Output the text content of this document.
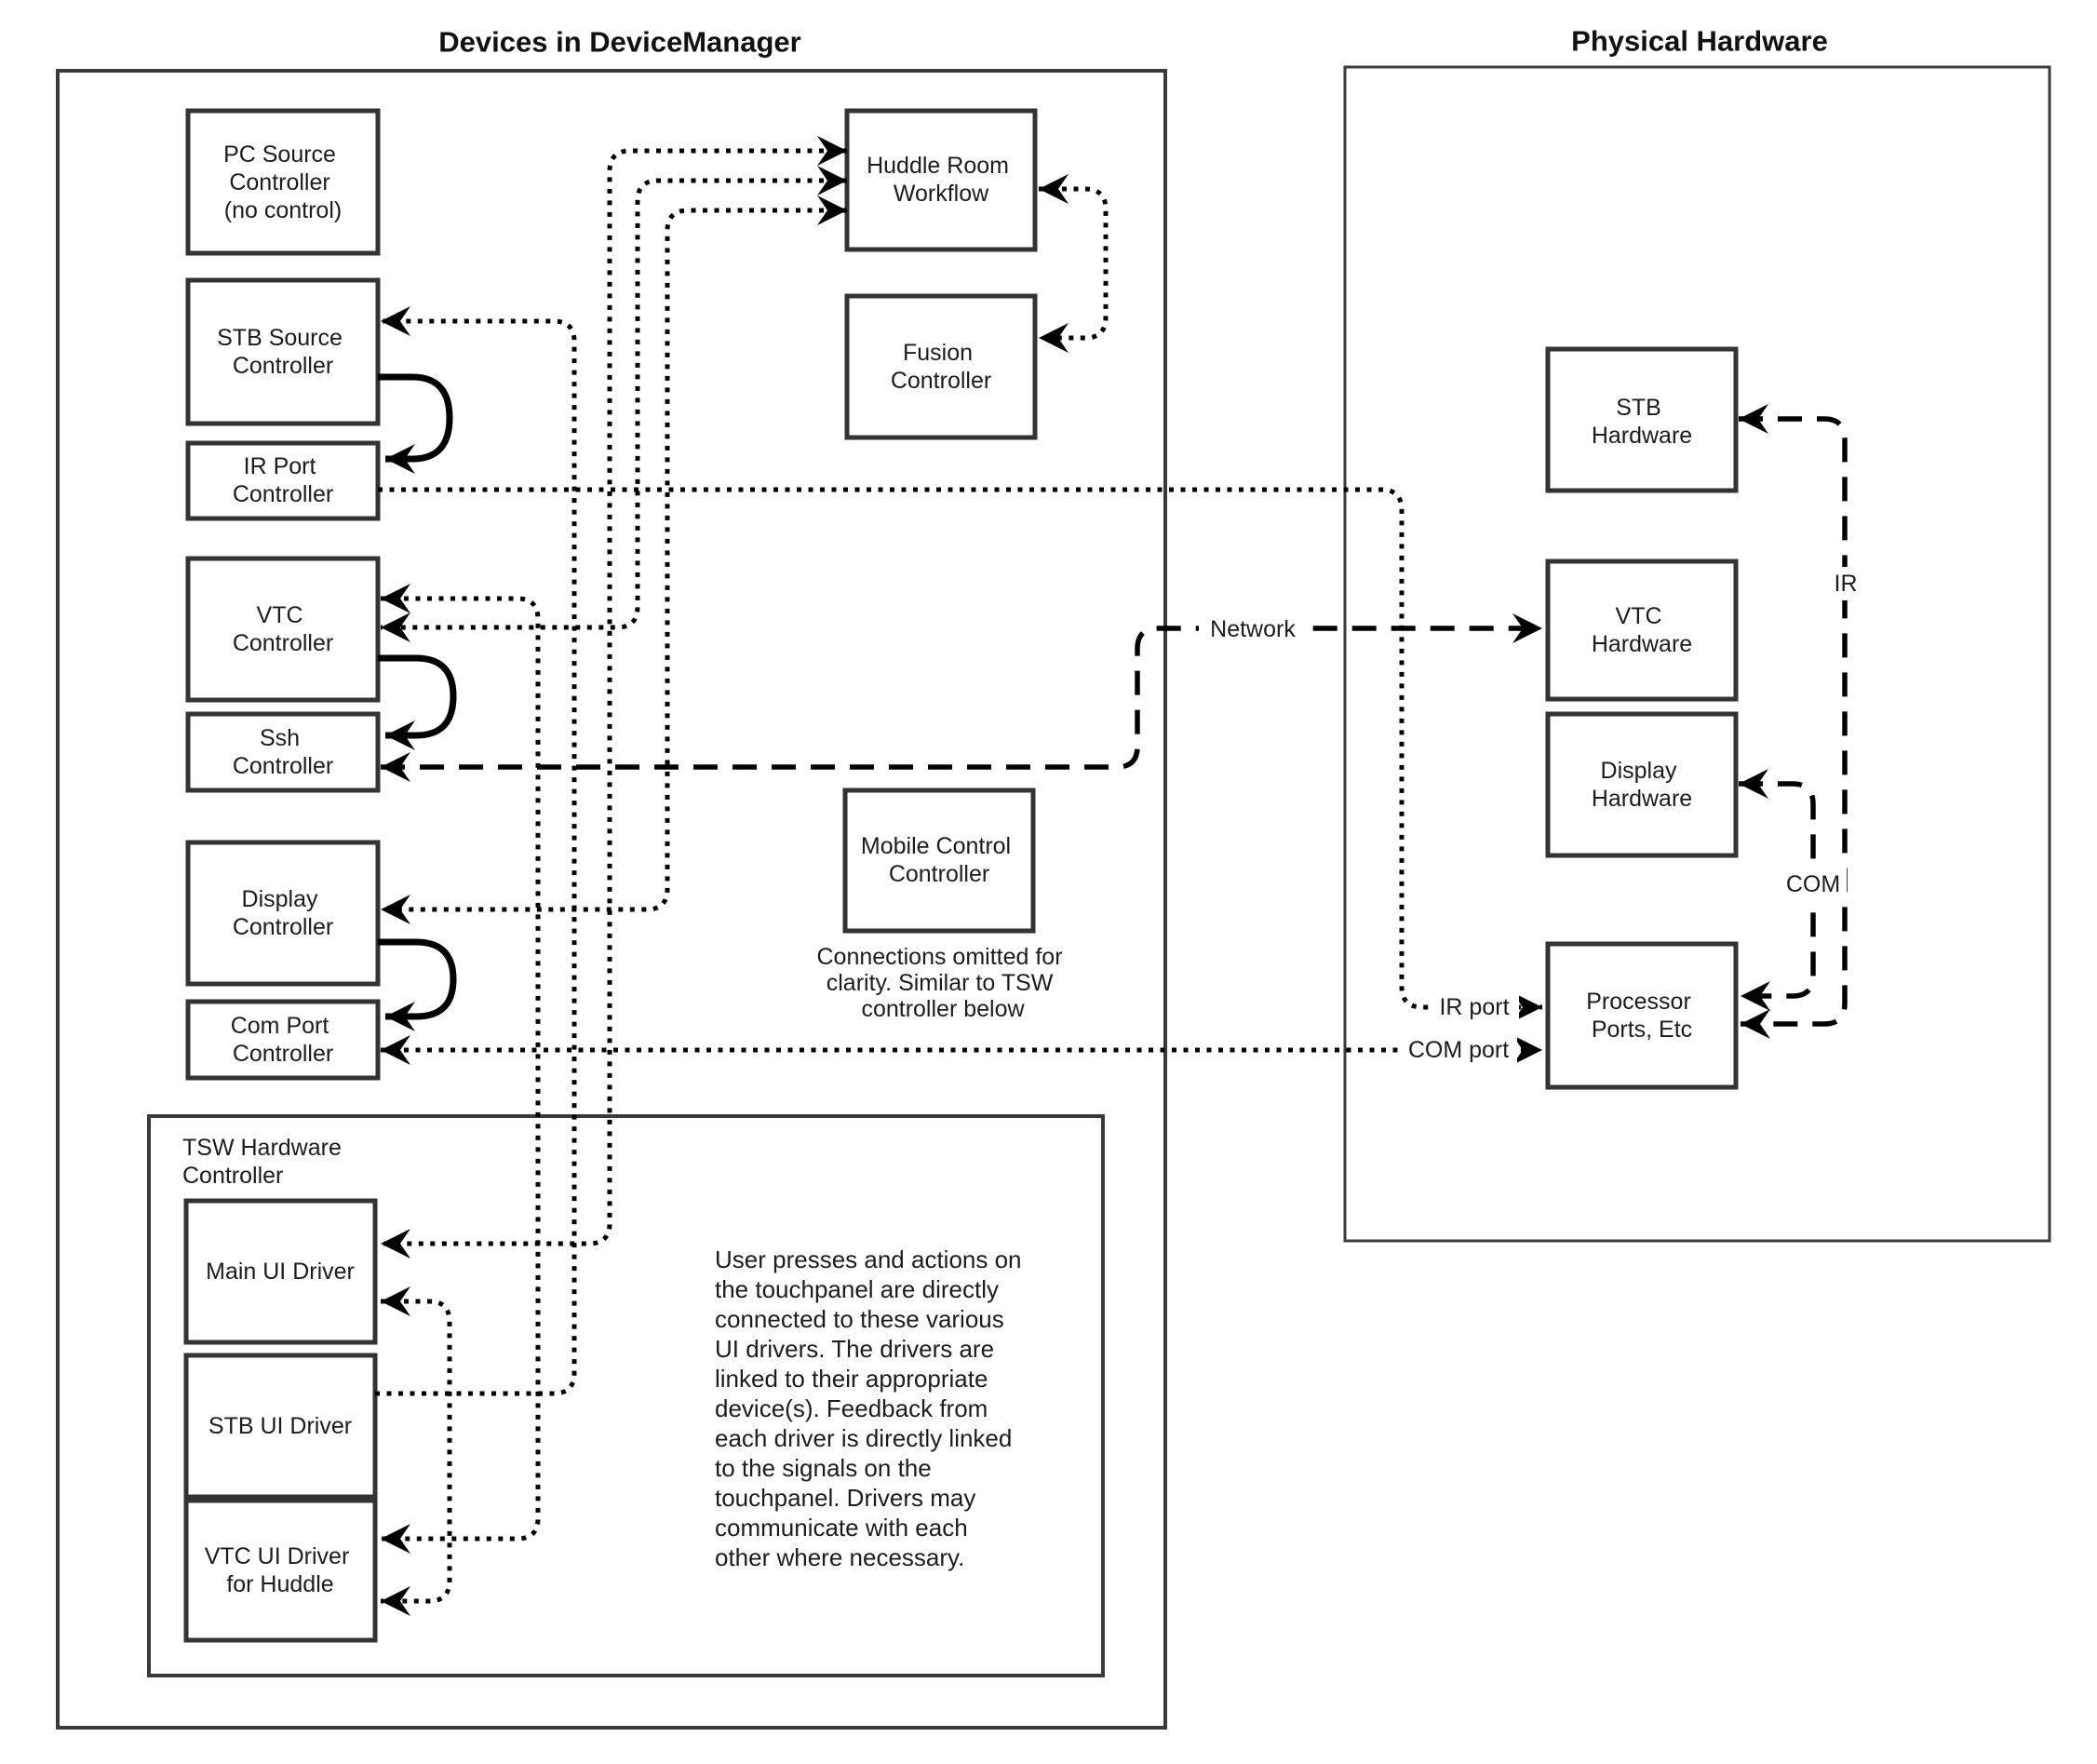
Devices in DeviceManager	Physical Hardware
TSW Hardware Controller
Network
IR
COM
IR port
COM port
PC Source Controller (no control)
STB Source Controller
IR Port Controller
VTC Controller
Ssh Controller
Display Controller
Com Port Controller
Huddle Room Workflow
Fusion Controller
Mobile Control Controller
Main UI Driver
STB UI Driver
VTC UI Driver for Huddle
STB Hardware
VTC Hardware
Display Hardware
Processor Ports, Etc
Connections omitted for clarity. Similar to TSW controller below
User presses and actions on the touchpanel are directly connected to these various UI drivers. The drivers are linked to their appropriate device(s). Feedback from each driver is directly linked to the signals on the touchpanel. Drivers may communicate with each other where necessary.
